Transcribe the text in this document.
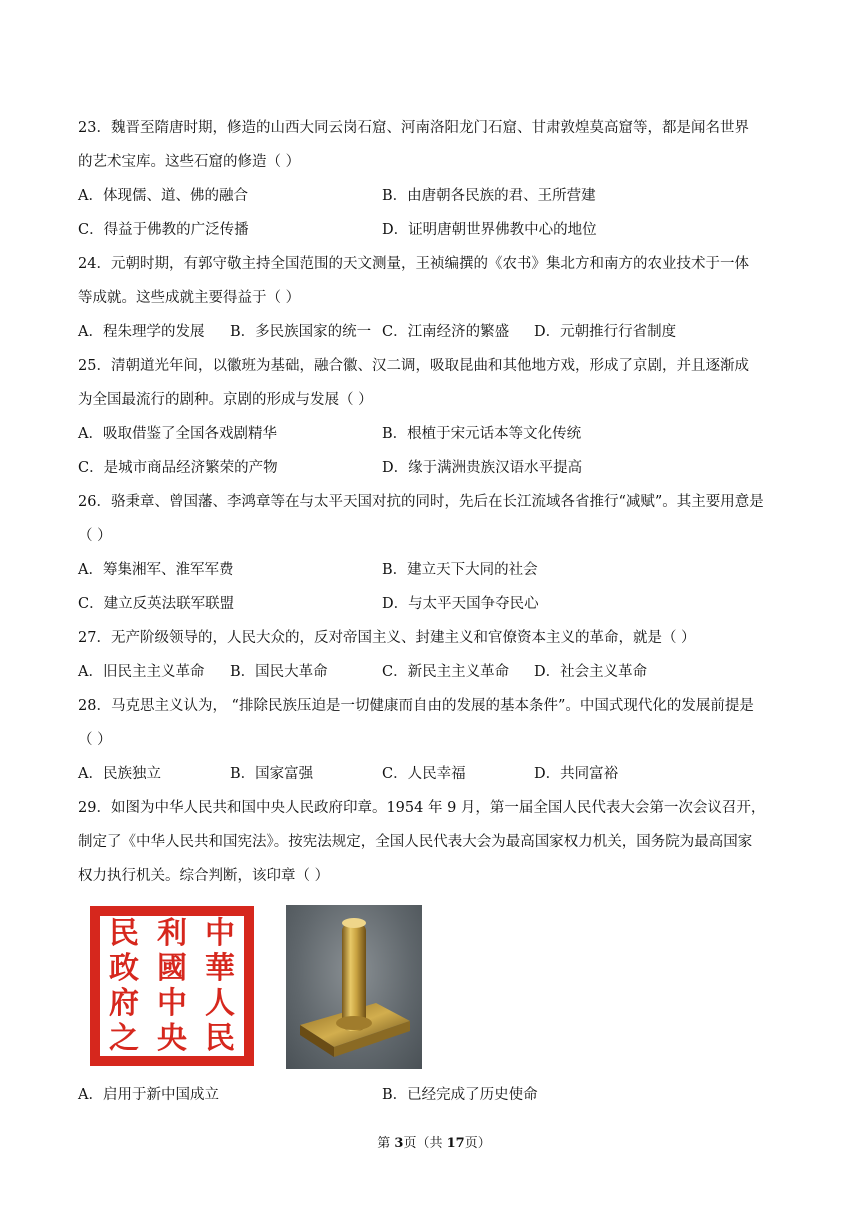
23．魏晋至隋唐时期，修造的山西大同云岗石窟、河南洛阳龙门石窟、甘肃敦煌莫高窟等，都是闻名世界
的艺术宝库。这些石窟的修造（ ）
A．体现儒、道、佛的融合	B．由唐朝各民族的君、王所营建
C．得益于佛教的广泛传播	D．证明唐朝世界佛教中心的地位
24．元朝时期，有郭守敬主持全国范围的天文测量，王祯编撰的《农书》集北方和南方的农业技术于一体
等成就。这些成就主要得益于（ ）
A．程朱理学的发展 B．多民族国家的统一 C．江南经济的繁盛 D．元朝推行行省制度
25．清朝道光年间，以徽班为基础，融合徽、汉二调，吸取昆曲和其他地方戏，形成了京剧，并且逐渐成
为全国最流行的剧种。京剧的形成与发展（ ）
A．吸取借鉴了全国各戏剧精华	B．根植于宋元话本等文化传统
C．是城市商品经济繁荣的产物	D．缘于满洲贵族汉语水平提高
26．骆秉章、曾国藩、李鸿章等在与太平天国对抗的同时，先后在长江流域各省推行“减赋”。其主要用意是
（ ）
A．筹集湘军、淮军军费	B．建立天下大同的社会
C．建立反英法联军联盟	D．与太平天国争夺民心
27．无产阶级领导的，人民大众的，反对帝国主义、封建主义和官僚资本主义的革命，就是（ ）
A．旧民主主义革命 B．国民大革命	C．新民主主义革命 D．社会主义革命
28．马克思主义认为， “排除民族压迫是一切健康而自由的发展的基本条件”。中国式现代化的发展前提是
（ ）
A．民族独立	B．国家富强	C．人民幸福	D．共同富裕
29．如图为中华人民共和国中央人民政府印章。1954 年 9 月，第一届全国人民代表大会第一次会议召开，
制定了《中华人民共和国宪法》。按宪法规定，全国人民代表大会为最高国家权力机关，国务院为最高国家
权力执行机关。综合判断，该印章（ ）
民 利 中
政 國 華
府 中 人
之 央 民
A．启用于新中国成立	B．已经完成了历史使命
第 3页（共 17页）
